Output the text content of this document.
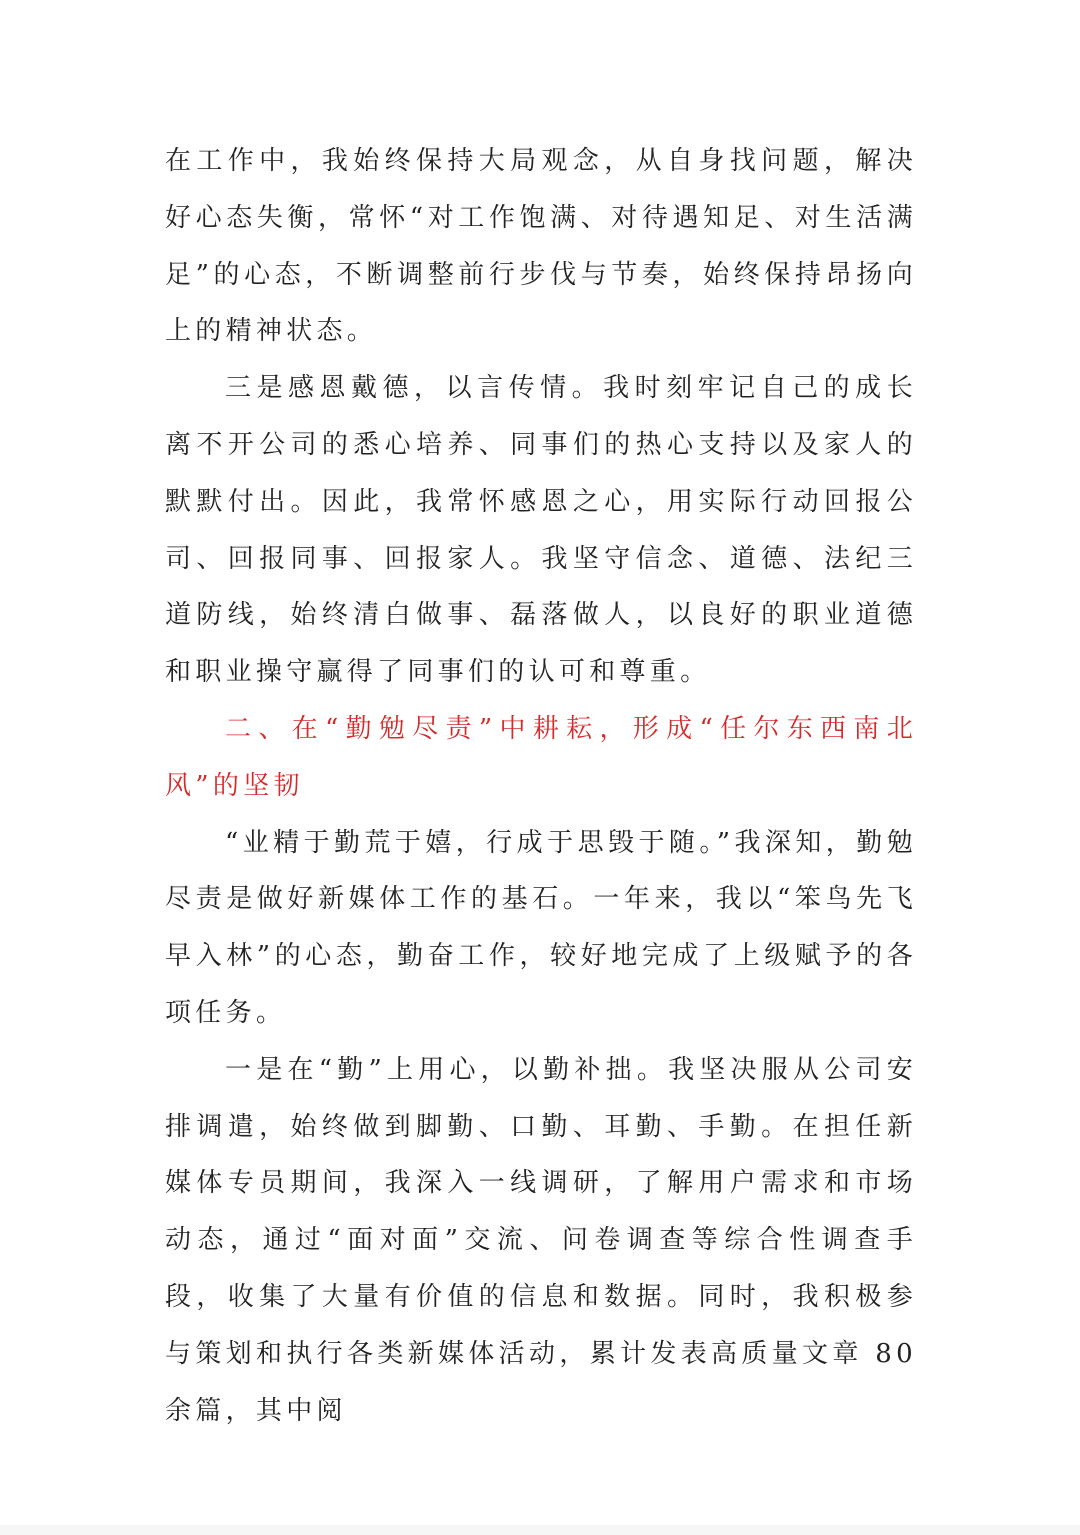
在工作中，我始终保持大局观念，从自身找问题，解决好心态失衡，常怀“对工作饱满、对待遇知足、对生活满足”的心态，不断调整前行步伐与节奏，始终保持昂扬向上的精神状态。

三是感恩戴德，以言传情。我时刻牢记自己的成长离不开公司的悉心培养、同事们的热心支持以及家人的默默付出。因此，我常怀感恩之心，用实际行动回报公司、回报同事、回报家人。我坚守信念、道德、法纪三道防线，始终清白做事、磊落做人，以良好的职业道德和职业操守赢得了同事们的认可和尊重。

二、在“勤勉尽责”中耕耘，形成“任尔东西南北风”的坚韧

“业精于勤荒于嬉，行成于思毁于随。”我深知，勤勉尽责是做好新媒体工作的基石。一年来，我以“笨鸟先飞早入林”的心态，勤奋工作，较好地完成了上级赋予的各项任务。

一是在“勤”上用心，以勤补拙。我坚决服从公司安排调遣，始终做到脚勤、口勤、耳勤、手勤。在担任新媒体专员期间，我深入一线调研，了解用户需求和市场动态，通过“面对面”交流、问卷调查等综合性调查手段，收集了大量有价值的信息和数据。同时，我积极参与策划和执行各类新媒体活动，累计发表高质量文章 80 余篇，其中阅
